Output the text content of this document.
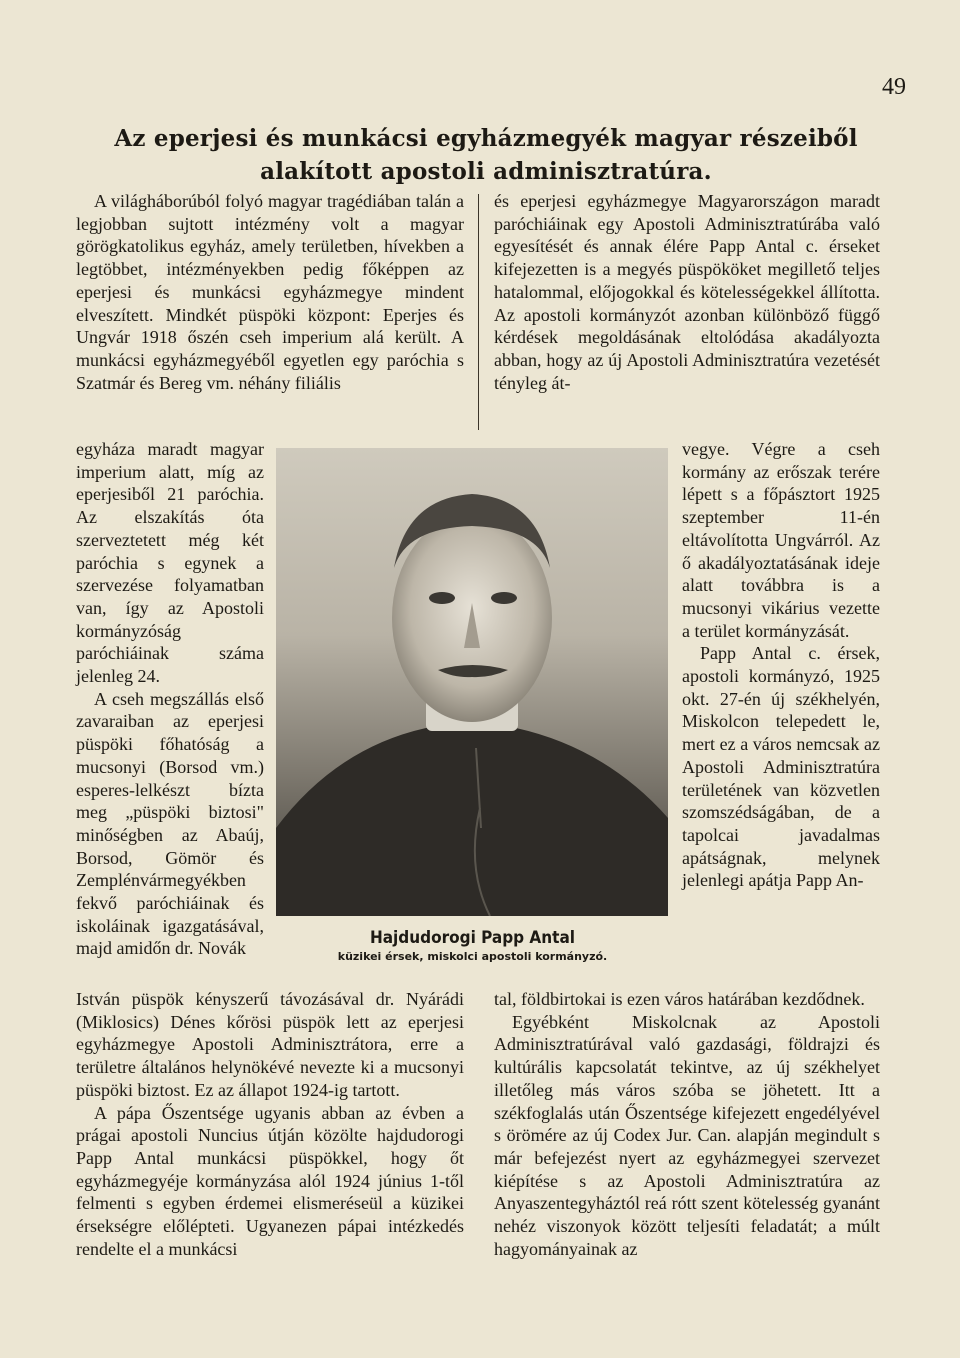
49
Az eperjesi és munkácsi egyházmegyék magyar részeiből
alakított apostoli adminisztratúra.

A világháborúból folyó magyar tragédiában talán a legjobban sujtott intézmény volt a magyar görögkatolikus egyház, amely területben, hívekben a legtöbbet, intézményekben pedig főképpen az eperjesi és munkácsi egyházmegye mindent elveszített. Mindkét püspöki központ: Eperjes és Ungvár 1918 őszén cseh imperium alá került. A munkácsi egyházmegyéből egyetlen egy paróchia s Szatmár és Bereg vm. néhány filiális

egyháza maradt magyar imperium alatt, míg az eperjesiből 21 paróchia. Az elszakítás óta szerveztetett még két paróchia s egynek a szervezése folyamatban van, így az Apostoli kormányzóság paróchiáinak száma jelenleg 24.

A cseh megszállás első zavaraiban az eperjesi püspöki főhatóság a mucsonyi (Borsod vm.) esperes-lelkészt bízta meg „püspöki biztosi" minőségben az Abaúj, Borsod, Gömör és Zemplénvármegyékben fekvő paróchiáinak és iskoláinak igazgatásával, majd amidőn dr. Novák

István püspök kényszerű távozásával dr. Nyárádi (Miklosics) Dénes kőrösi püspök lett az eperjesi egyházmegye Apostoli Adminisztrátora, erre a területre általános helynökévé nevezte ki a mucsonyi püspöki biztost. Ez az állapot 1924-ig tartott.

A pápa Őszentsége ugyanis abban az évben a prágai apostoli Nuncius útján közölte hajdudorogi Papp Antal munkácsi püspökkel, hogy őt egyházmegyéje kormányzása alól 1924 június 1-től felmenti s egyben érdemei elismeréseül a küzikei érsekségre előlépteti. Ugyanezen pápai intézkedés rendelte el a munkácsi

és eperjesi egyházmegye Magyarországon maradt paróchiáinak egy Apostoli Adminisztratúrába való egyesítését és annak élére Papp Antal c. érseket kifejezetten is a megyés püspököket megillető teljes hatalommal, előjogokkal és kötelességekkel állította. Az apostoli kormányzót azonban különböző függő kérdések megoldásának eltolódása akadályozta abban, hogy az új Apostoli Adminisztratúra vezetését tényleg át-

vegye. Végre a cseh kormány az erőszak terére lépett s a főpásztort 1925 szeptember 11-én eltávolította Ungvárról. Az ő akadályoztatásának ideje alatt továbbra is a mucsonyi vikárius vezette a terület kormányzását.

Papp Antal c. érsek, apostoli kormányzó, 1925 okt. 27-én új székhelyén, Miskolcon telepedett le, mert ez a város nemcsak az Apostoli Adminisztratúra területének van közvetlen szomszédságában, de a tapolcai javadalmas apátságnak, melynek jelenlegi apátja Papp An-

tal, földbirtokai is ezen város határában kezdődnek.

Egyébként Miskolcnak az Apostoli Adminisztratúrával való gazdasági, földrajzi és kultúrális kapcsolatát tekintve, az új székhelyet illetőleg más város szóba se jöhetett. Itt a székfoglalás után Őszentsége kifejezett engedélyével s örömére az új Codex Jur. Can. alapján megindult s már befejezést nyert az egyházmegyei szervezet kiépítése s az Apostoli Adminisztratúra az Anyaszentegyháztól reá rótt szent kötelesség gyanánt nehéz viszonyok között teljesíti feladatát; a múlt hagyományainak az

Hajdudorogi Papp Antal
küzikei érsek, miskolci apostoli kormányzó.
